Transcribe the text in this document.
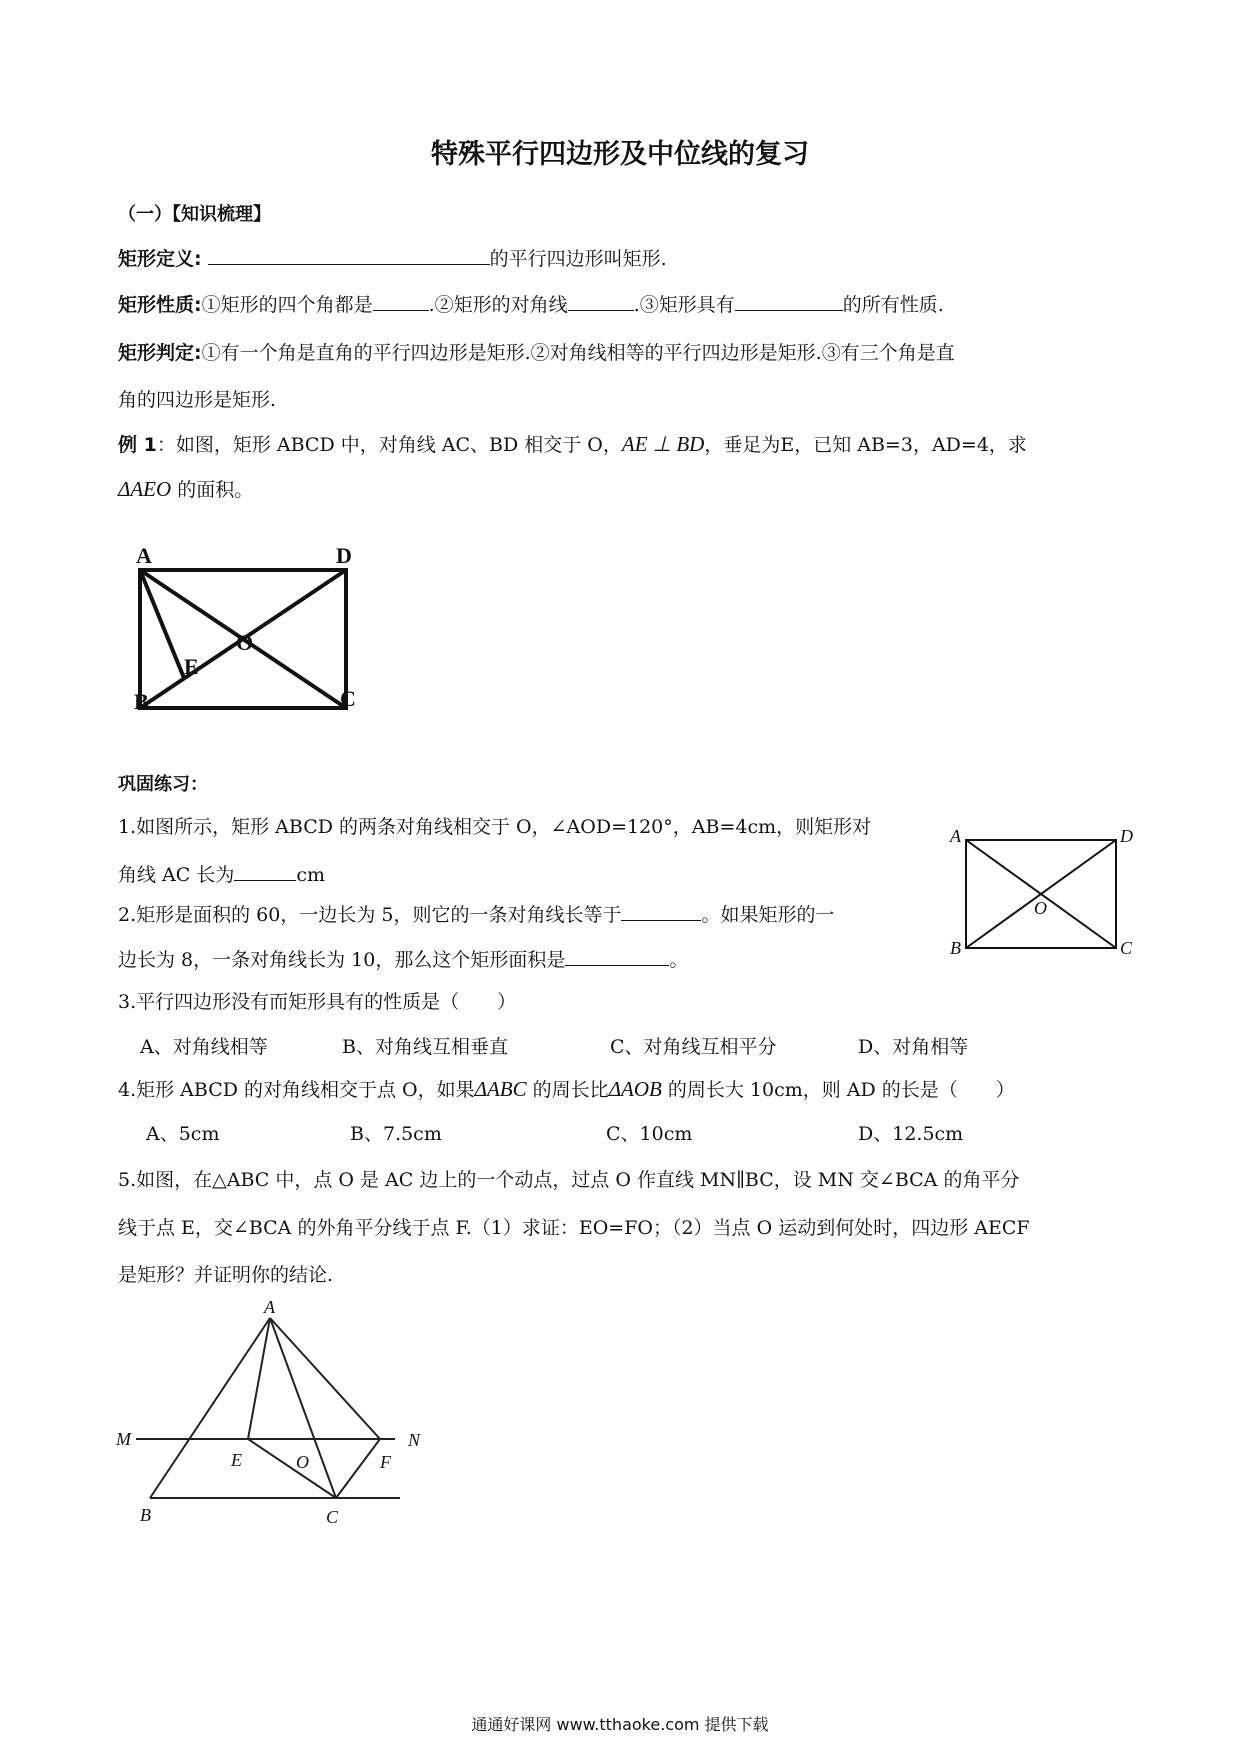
特殊平行四边形及中位线的复习
（一）【知识梳理】
矩形定义:	的平行四边形叫矩形.
矩形性质:①矩形的四个角都是	.②矩形的对角线	.③矩形具有	的所有性质.
矩形判定:①有一个角是直角的平行四边形是矩形.②对角线相等的平行四边形是矩形.③有三个角是直
角的四边形是矩形.
例 1：如图，矩形 ABCD 中，对角线 AC、BD 相交于 O，AE ⊥ BD，垂足为E，已知 AB=3，AD=4，求
ΔAEO 的面积。
A	D
O
E
B	C
巩固练习：
1.如图所示，矩形 ABCD 的两条对角线相交于 O，∠AOD=120°，AB=4cm，则矩形对
角线 AC 长为	cm
A	D
O
B	C
2.矩形是面积的 60，一边长为 5，则它的一条对角线长等于	。如果矩形的一
边长为 8，一条对角线长为 10，那么这个矩形面积是	。
3.平行四边形没有而矩形具有的性质是（　　）
A、对角线相等	B、对角线互相垂直	C、对角线互相平分	D、对角相等
4.矩形 ABCD 的对角线相交于点 O，如果ΔABC 的周长比ΔAOB 的周长大 10cm，则 AD 的长是（　　）
A、5cm	B、7.5cm	C、10cm	D、12.5cm
5.如图，在△ABC 中，点 O 是 AC 边上的一个动点，过点 O 作直线 MN∥BC，设 MN 交∠BCA 的角平分
线于点 E，交∠BCA 的外角平分线于点 F.（1）求证：EO=FO；（2）当点 O 运动到何处时，四边形 AECF
是矩形？并证明你的结论.
A
M	N
E	O	F
B	C
通通好课网 www.tthaoke.com 提供下载
